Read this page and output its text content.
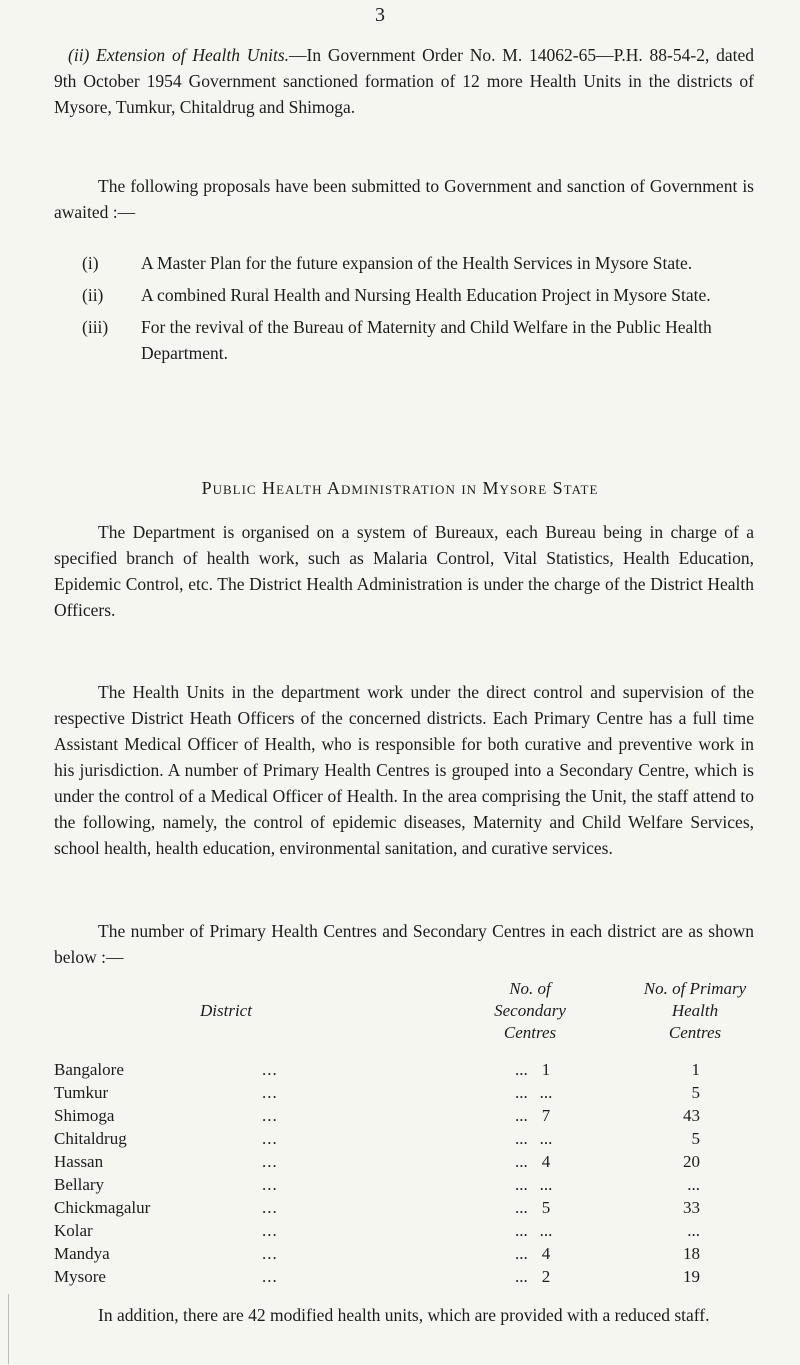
3

(ii) Extension of Health Units.—In Government Order No. M. 14062-65—P.H. 88-54-2, dated 9th October 1954 Government sanctioned formation of 12 more Health Units in the districts of Mysore, Tumkur, Chitaldrug and Shimoga.

The following proposals have been submitted to Government and sanction of Government is awaited :—

(i) A Master Plan for the future expansion of the Health Services in Mysore State.
(ii) A combined Rural Health and Nursing Health Education Project in Mysore State.
(iii) For the revival of the Bureau of Maternity and Child Welfare in the Public Health Department.
Public Health Administration in Mysore State

The Department is organised on a system of Bureaux, each Bureau being in charge of a specified branch of health work, such as Malaria Control, Vital Statistics, Health Education, Epidemic Control, etc. The District Health Administration is under the charge of the District Health Officers.

The Health Units in the department work under the direct control and supervision of the respective District Heath Officers of the concerned districts. Each Primary Centre has a full time Assistant Medical Officer of Health, who is responsible for both curative and preventive work in his jurisdiction. A number of Primary Health Centres is grouped into a Secondary Centre, which is under the control of a Medical Officer of Health. In the area comprising the Unit, the staff attend to the following, namely, the control of epidemic diseases, Maternity and Child Welfare Services, school health, health education, environmental sanitation, and curative services.

The number of Primary Health Centres and Secondary Centres in each district are as shown below :—

District
No. of
Secondary
Centres
No. of Primary
Health
Centres
Bangalore	...	... 1	1
Tumkur	...	... ...	5
Shimoga	...	... 7	43
Chitaldrug	...	... ...	5
Hassan	...	... 4	20
Bellary	...	... ...	...
Chickmagalur	...	... 5	33
Kolar	...	... ...	...
Mandya	...	... 4	18
Mysore	...	... 2	19

In addition, there are 42 modified health units, which are provided with a reduced staff.
